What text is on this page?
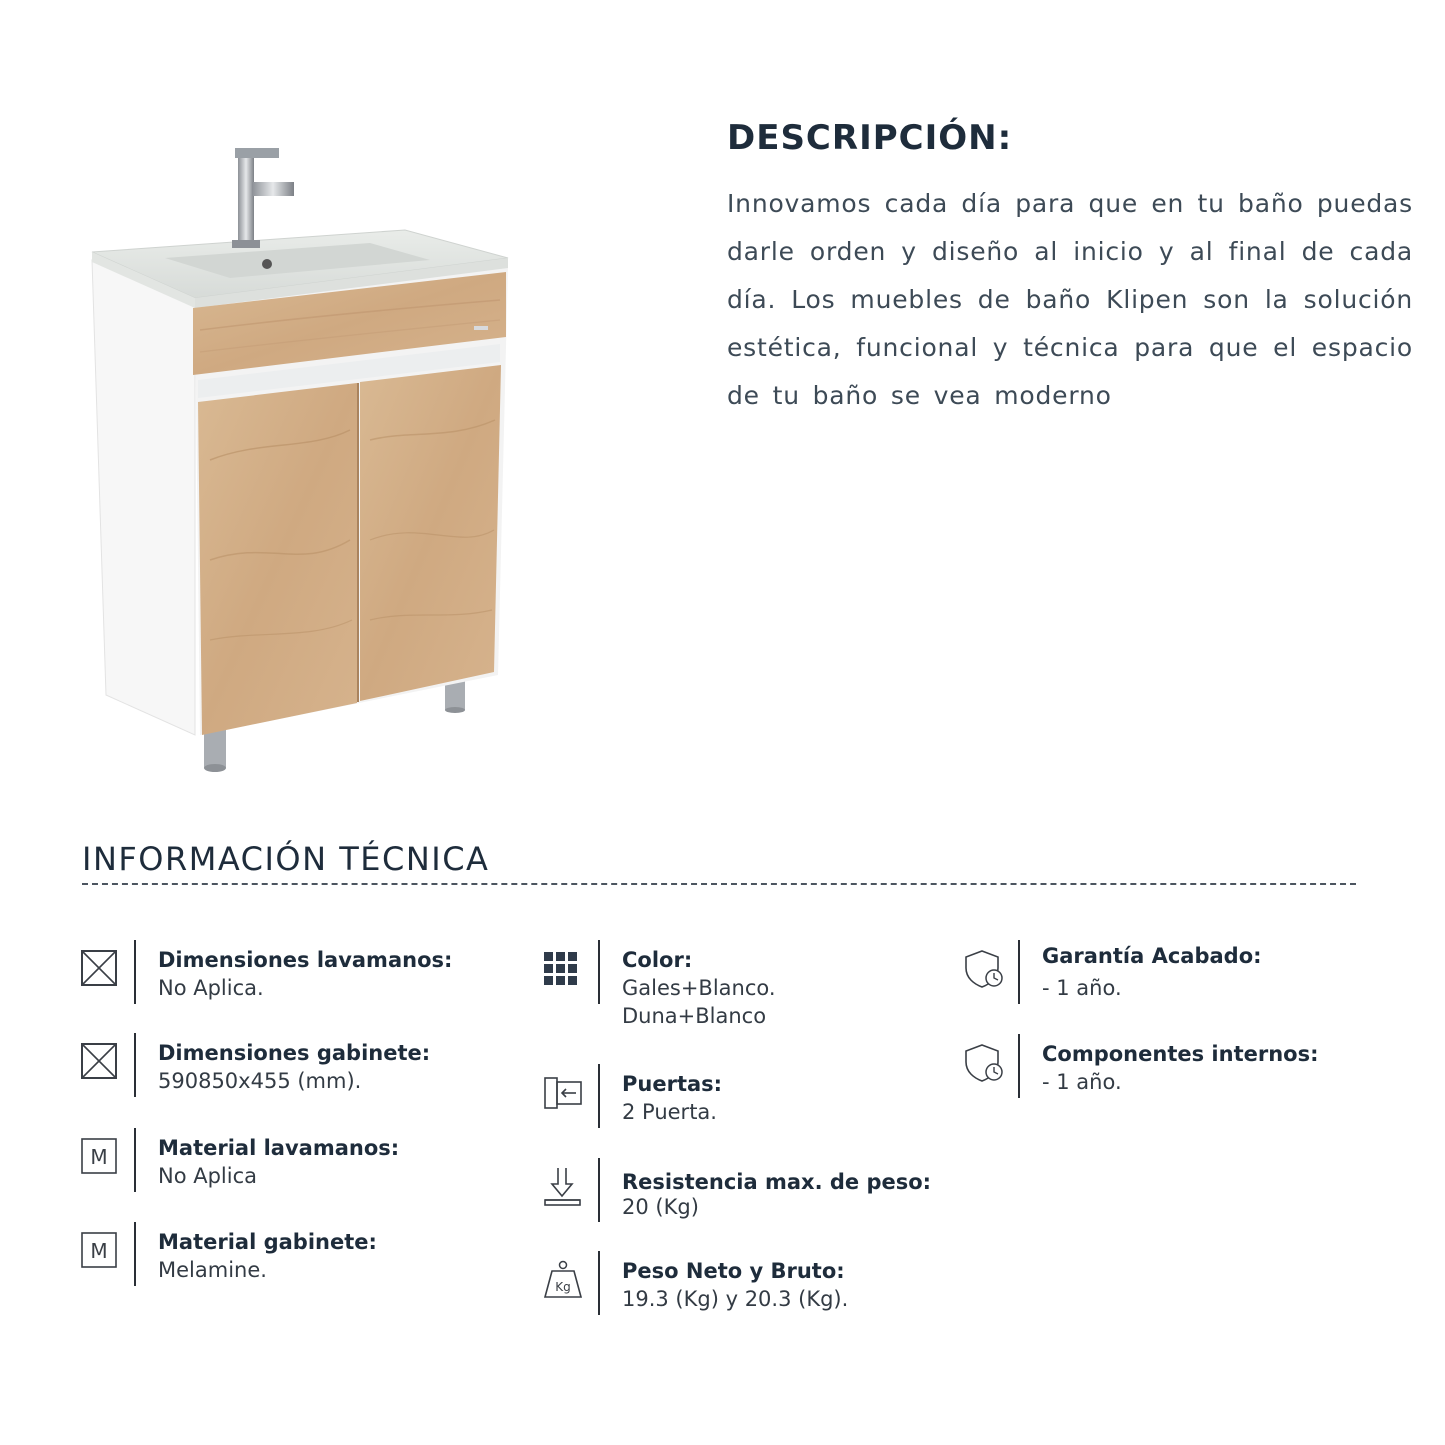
DESCRIPCIÓN:

Innovamos cada día para que en tu baño puedas darle orden y diseño al inicio y al final de cada día. Los muebles de baño Klipen son la solución estética, funcional y técnica para que el espacio de tu baño se vea moderno

INFORMACIÓN TÉCNICA
Dimensiones lavamanos:
No Aplica.
Dimensiones gabinete:
590850x455 (mm).
M Material lavamanos:
No Aplica
M Material gabinete:
Melamine.
Color:
Gales+Blanco.
Duna+Blanco
Puertas:
2 Puerta.
Resistencia max. de peso:
20 (Kg)
Kg
Peso Neto y Bruto:
19.3 (Kg) y 20.3 (Kg).
Garantía Acabado:
- 1 año.
Componentes internos:
- 1 año.
